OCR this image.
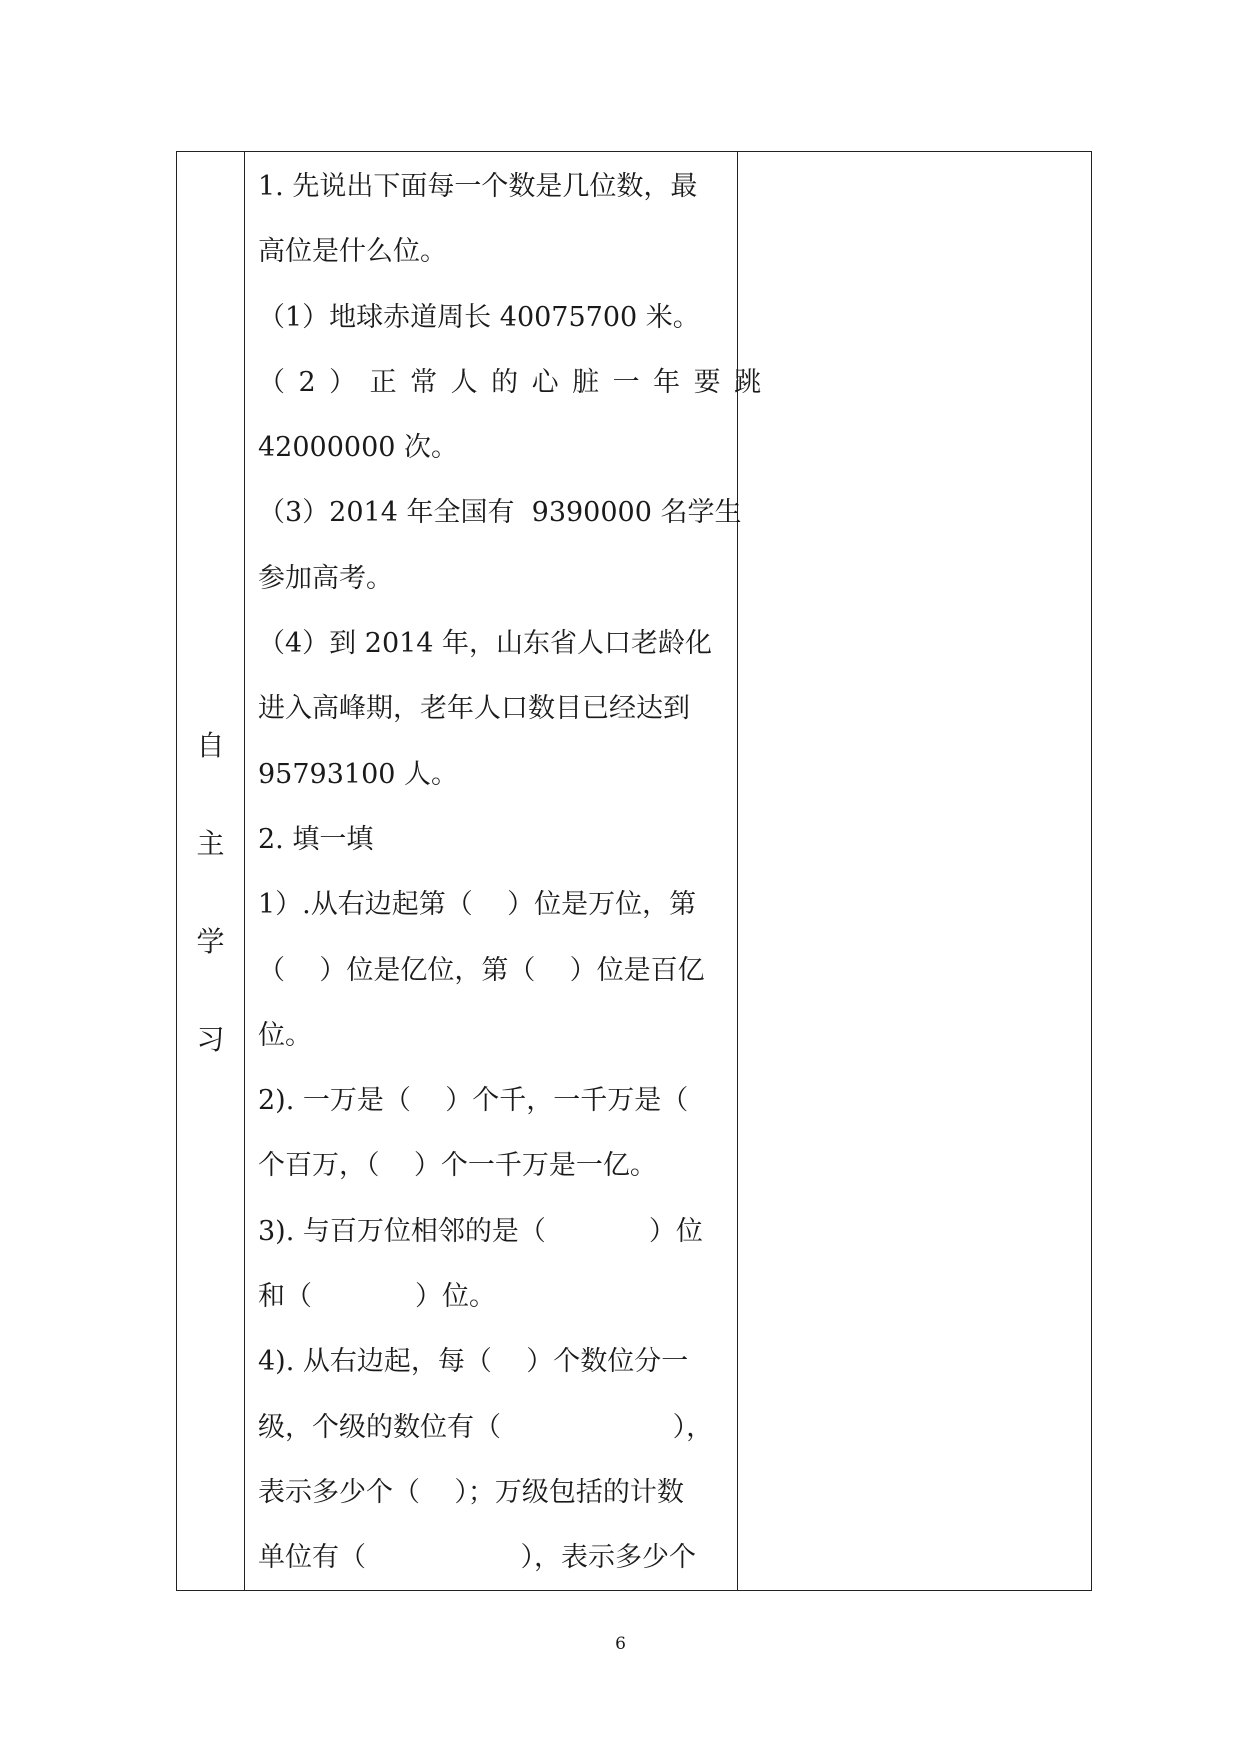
自
主
学
习
1. 先说出下面每一个数是几位数，最
高位是什么位。
（1）地球赤道周长 40075700 米。
（2）正常人的心脏一年要跳
42000000 次。
（3）2014 年全国有  9390000 名学生
参加高考。
（4）到 2014 年，山东省人口老龄化
进入高峰期，老年人口数目已经达到
95793100 人。
2. 填一填
1）.从右边起第（    ）位是万位，第
（    ）位是亿位，第（    ）位是百亿
位。
2). 一万是（    ）个千，一千万是（
个百万，（    ）个一千万是一亿。
3). 与百万位相邻的是（            ）位
和（            ）位。
4). 从右边起，每（    ）个数位分一
级，个级的数位有（                    ），
表示多少个（    ）；万级包括的计数
单位有（                  ），表示多少个
6
